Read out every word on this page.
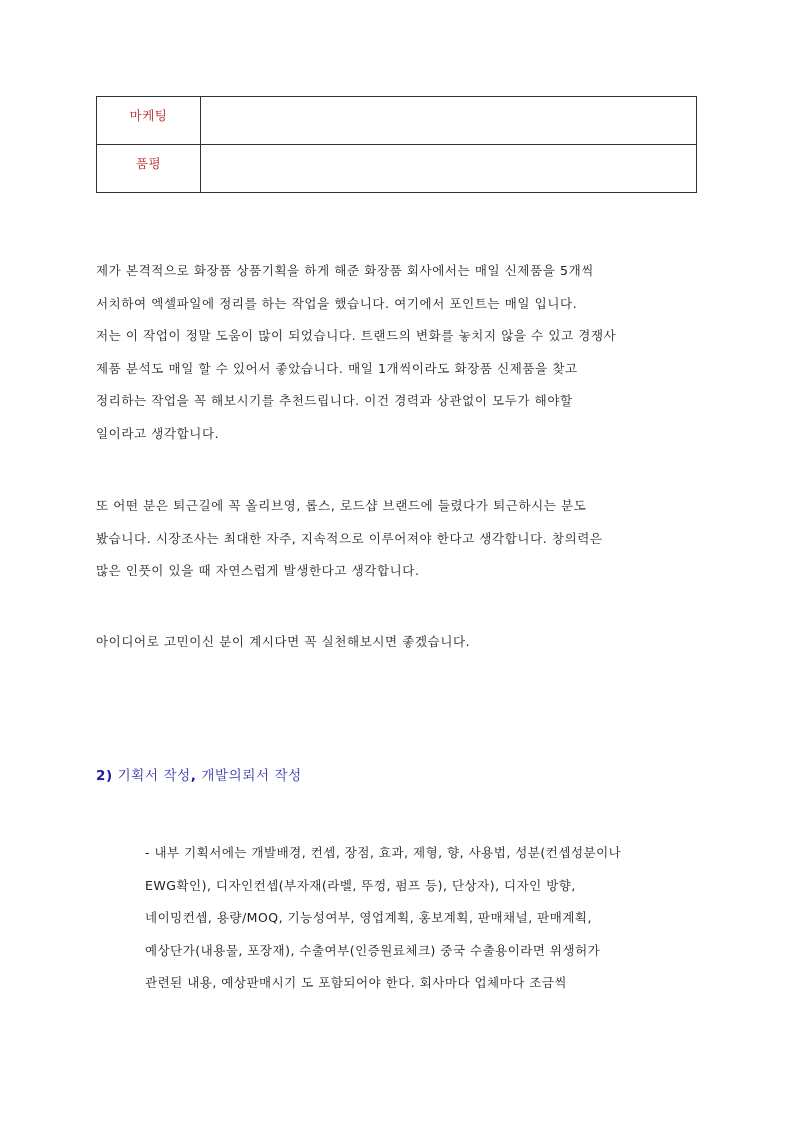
마케팅
품평
제가 본격적으로 화장품 상품기획을 하게 해준 화장품 회사에서는 매일 신제품을 5개씩
서치하여 엑셀파일에 정리를 하는 작업을 했습니다. 여기에서 포인트는 매일 입니다.
저는 이 작업이 정말 도움이 많이 되었습니다. 트랜드의 변화를 놓치지 않을 수 있고 경쟁사
제품 분석도 매일 할 수 있어서 좋았습니다. 매일 1개씩이라도 화장품 신제품을 찾고
정리하는 작업을 꼭 해보시기를 추천드립니다. 이건 경력과 상관없이 모두가 해야할
일이라고 생각합니다.
또 어떤 분은 퇴근길에 꼭 올리브영, 롭스, 로드샵 브랜드에 들렸다가 퇴근하시는 분도
봤습니다. 시장조사는 최대한 자주, 지속적으로 이루어져야 한다고 생각합니다. 창의력은
많은 인풋이 있을 때 자연스럽게 발생한다고 생각합니다.
아이디어로 고민이신 분이 계시다면 꼭 실천해보시면 좋겠습니다.
2) 기획서 작성, 개발의뢰서 작성
- 내부 기획서에는 개발배경, 컨셉, 장점, 효과, 제형, 향, 사용법, 성분(컨셉성분이나
EWG확인), 디자인컨셉(부자재(라벨, 뚜껑, 펌프 등), 단상자), 디자인 방향,
네이밍컨셉, 용량/MOQ, 기능성여부, 영업계획, 홍보계획, 판매채널, 판매계획,
예상단가(내용물, 포장재), 수출여부(인증원료체크) 중국 수출용이라면 위생허가
관련된 내용, 예상판매시기 도 포함되어야 한다. 회사마다 업체마다 조금씩
